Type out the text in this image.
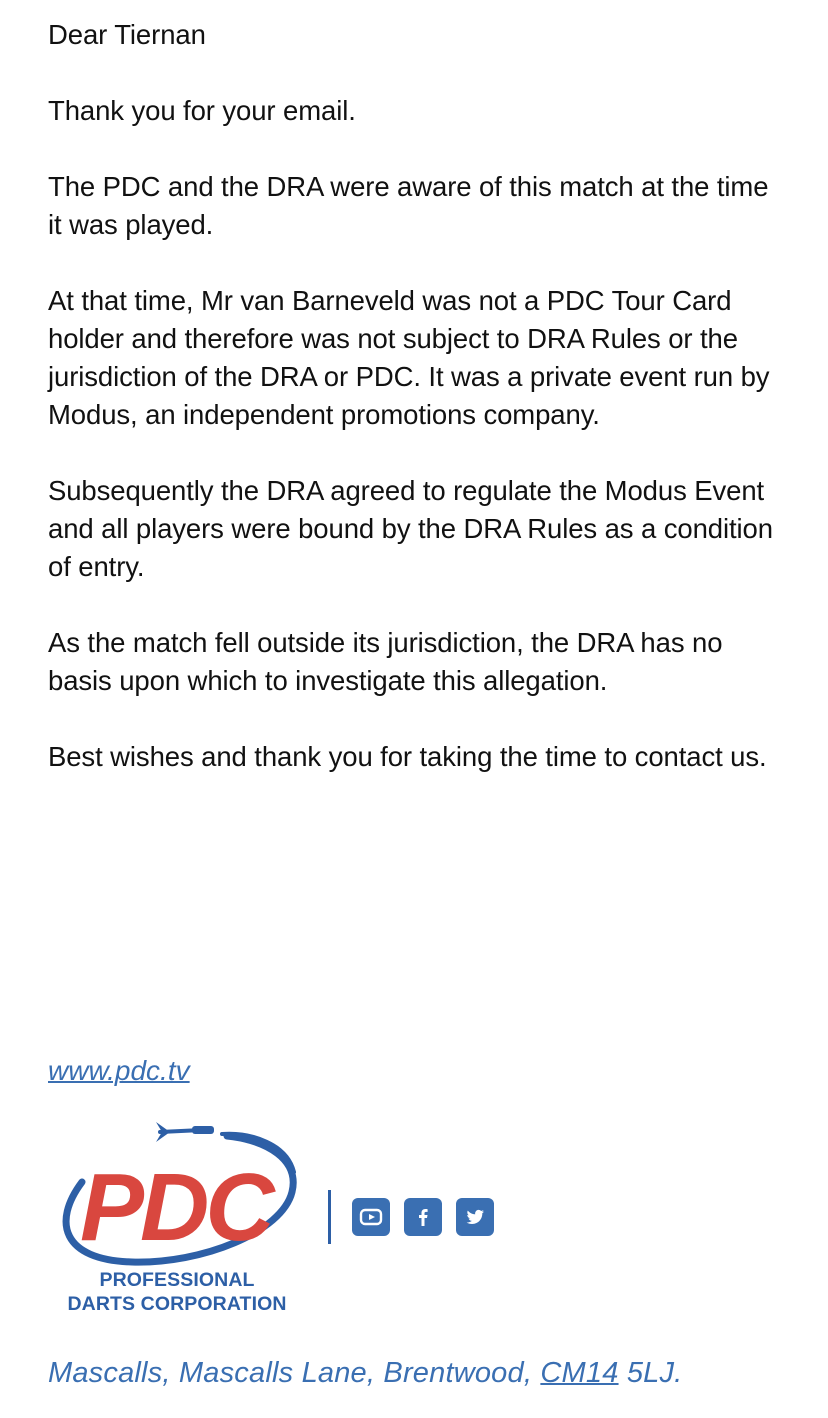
Dear Tiernan

Thank you for your email.

The PDC and the DRA were aware of this match at the time it was played.

At that time, Mr van Barneveld was not a PDC Tour Card holder and therefore was not subject to DRA Rules or the jurisdiction of the DRA or PDC. It was a private event run by Modus, an independent promotions company.

Subsequently the DRA agreed to regulate the Modus Event and all players were bound by the DRA Rules as a condition of entry.

As the match fell outside its jurisdiction, the DRA has no basis upon which to investigate this allegation.

Best wishes and thank you for taking the time to contact us.

www.pdc.tv
PDC
PROFESSIONAL
DARTS CORPORATION
Mascalls, Mascalls Lane, Brentwood, CM14 5LJ.
